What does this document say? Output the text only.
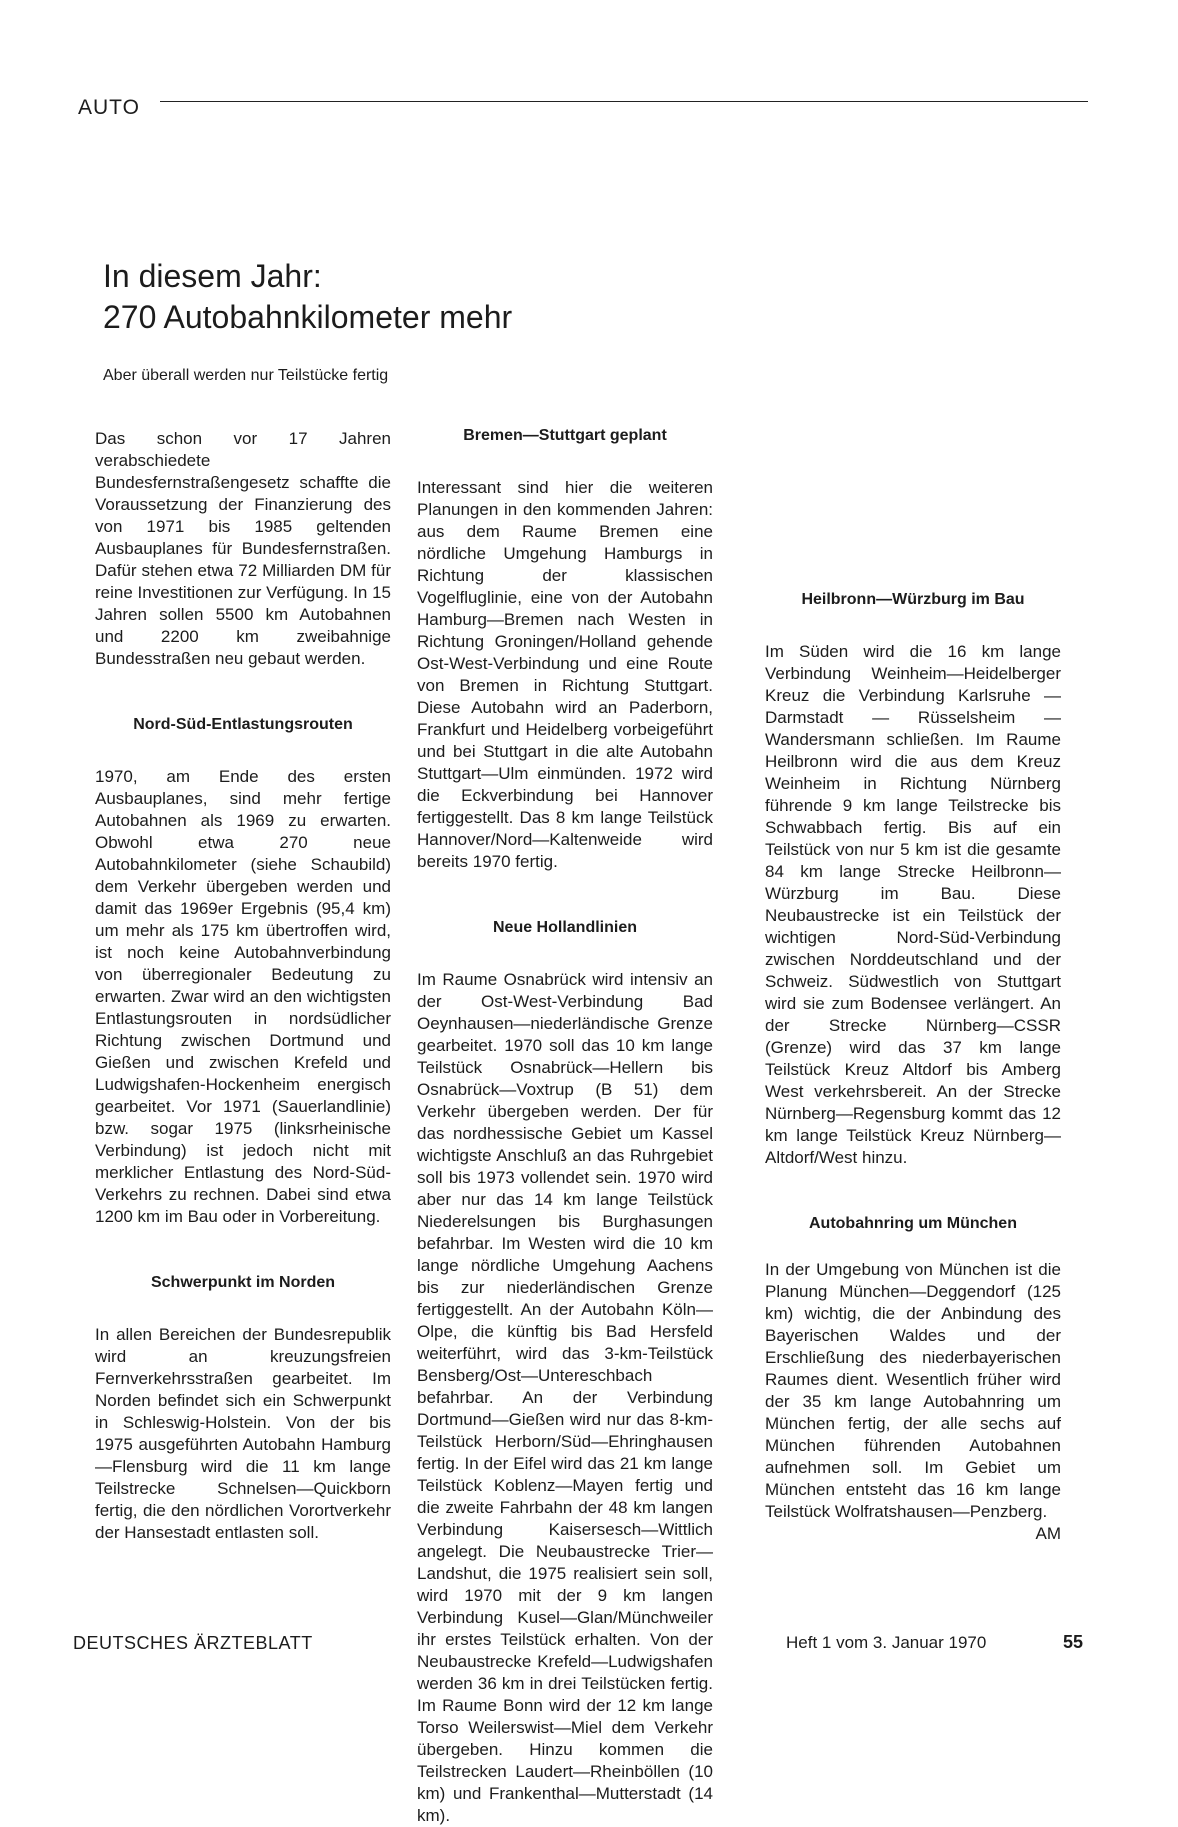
AUTO
In diesem Jahr:
270 Autobahnkilometer mehr
Aber überall werden nur Teilstücke fertig

Das schon vor 17 Jahren verabschiedete Bundesfernstraßengesetz schaffte die Voraussetzung der Finanzierung des von 1971 bis 1985 geltenden Ausbauplanes für Bundesfernstraßen. Dafür stehen etwa 72 Milliarden DM für reine Investitionen zur Verfügung. In 15 Jahren sollen 5500 km Autobahnen und 2200 km zweibahnige Bundesstraßen neu gebaut werden.

Nord-Süd-Entlastungsrouten

1970, am Ende des ersten Ausbauplanes, sind mehr fertige Autobahnen als 1969 zu erwarten. Obwohl etwa 270 neue Autobahnkilometer (siehe Schaubild) dem Verkehr übergeben werden und damit das 1969er Ergebnis (95,4 km) um mehr als 175 km übertroffen wird, ist noch keine Autobahnverbindung von überregionaler Bedeutung zu erwarten. Zwar wird an den wichtigsten Entlastungsrouten in nordsüdlicher Richtung zwischen Dortmund und Gießen und zwischen Krefeld und Ludwigshafen-Hockenheim energisch gearbeitet. Vor 1971 (Sauerlandlinie) bzw. sogar 1975 (linksrheinische Verbindung) ist jedoch nicht mit merklicher Entlastung des Nord-Süd-Verkehrs zu rechnen. Dabei sind etwa 1200 km im Bau oder in Vorbereitung.

Schwerpunkt im Norden

In allen Bereichen der Bundesrepublik wird an kreuzungsfreien Fernverkehrsstraßen gearbeitet. Im Norden befindet sich ein Schwerpunkt in Schleswig-Holstein. Von der bis 1975 ausgeführten Autobahn Hamburg—Flensburg wird die 11 km lange Teilstrecke Schnelsen—Quickborn fertig, die den nördlichen Vorortverkehr der Hansestadt entlasten soll.

Bremen—Stuttgart geplant

Interessant sind hier die weiteren Planungen in den kommenden Jahren: aus dem Raume Bremen eine nördliche Umgehung Hamburgs in Richtung der klassischen Vogelfluglinie, eine von der Autobahn Hamburg—Bremen nach Westen in Richtung Groningen/Holland gehende Ost-West-Verbindung und eine Route von Bremen in Richtung Stuttgart. Diese Autobahn wird an Paderborn, Frankfurt und Heidelberg vorbeigeführt und bei Stuttgart in die alte Autobahn Stuttgart—Ulm einmünden. 1972 wird die Eckverbindung bei Hannover fertiggestellt. Das 8 km lange Teilstück Hannover/Nord—Kaltenweide wird bereits 1970 fertig.

Neue Hollandlinien

Im Raume Osnabrück wird intensiv an der Ost-West-Verbindung Bad Oeynhausen—niederländische Grenze gearbeitet. 1970 soll das 10 km lange Teilstück Osnabrück—Hellern bis Osnabrück—Voxtrup (B 51) dem Verkehr übergeben werden. Der für das nordhessische Gebiet um Kassel wichtigste Anschluß an das Ruhrgebiet soll bis 1973 vollendet sein. 1970 wird aber nur das 14 km lange Teilstück Niederelsungen bis Burghasungen befahrbar. Im Westen wird die 10 km lange nördliche Umgehung Aachens bis zur niederländischen Grenze fertiggestellt. An der Autobahn Köln—Olpe, die künftig bis Bad Hersfeld weiterführt, wird das 3-km-Teilstück Bensberg/Ost—Untereschbach befahrbar. An der Verbindung Dortmund—Gießen wird nur das 8-km-Teilstück Herborn/Süd—Ehringhausen fertig. In der Eifel wird das 21 km lange Teilstück Koblenz—Mayen fertig und die zweite Fahrbahn der 48 km langen Verbindung Kaisersesch—Wittlich angelegt. Die Neubaustrecke Trier—Landshut, die 1975 realisiert sein soll, wird 1970 mit der 9 km langen Verbindung Kusel—Glan/Münchweiler ihr erstes Teilstück erhalten. Von der Neubaustrecke Krefeld—Ludwigshafen werden 36 km in drei Teilstücken fertig. Im Raume Bonn wird der 12 km lange Torso Weilerswist—Miel dem Verkehr übergeben. Hinzu kommen die Teilstrecken Laudert—Rheinböllen (10 km) und Frankenthal—Mutterstadt (14 km).

Heilbronn—Würzburg im Bau

Im Süden wird die 16 km lange Verbindung Weinheim—Heidelberger Kreuz die Verbindung Karlsruhe — Darmstadt — Rüsselsheim — Wandersmann schließen. Im Raume Heilbronn wird die aus dem Kreuz Weinheim in Richtung Nürnberg führende 9 km lange Teilstrecke bis Schwabbach fertig. Bis auf ein Teilstück von nur 5 km ist die gesamte 84 km lange Strecke Heilbronn—Würzburg im Bau. Diese Neubaustrecke ist ein Teilstück der wichtigen Nord-Süd-Verbindung zwischen Norddeutschland und der Schweiz. Südwestlich von Stuttgart wird sie zum Bodensee verlängert. An der Strecke Nürnberg—CSSR (Grenze) wird das 37 km lange Teilstück Kreuz Altdorf bis Amberg West verkehrsbereit. An der Strecke Nürnberg—Regensburg kommt das 12 km lange Teilstück Kreuz Nürnberg—Altdorf/West hinzu.

Autobahnring um München

In der Umgebung von München ist die Planung München—Deggendorf (125 km) wichtig, die der Anbindung des Bayerischen Waldes und der Erschließung des niederbayerischen Raumes dient. Wesentlich früher wird der 35 km lange Autobahnring um München fertig, der alle sechs auf München führenden Autobahnen aufnehmen soll. Im Gebiet um München entsteht das 16 km lange Teilstück Wolfratshausen—Penzberg.
AM

DEUTSCHES ÄRZTEBLATT	Heft 1 vom 3. Januar 1970	55
